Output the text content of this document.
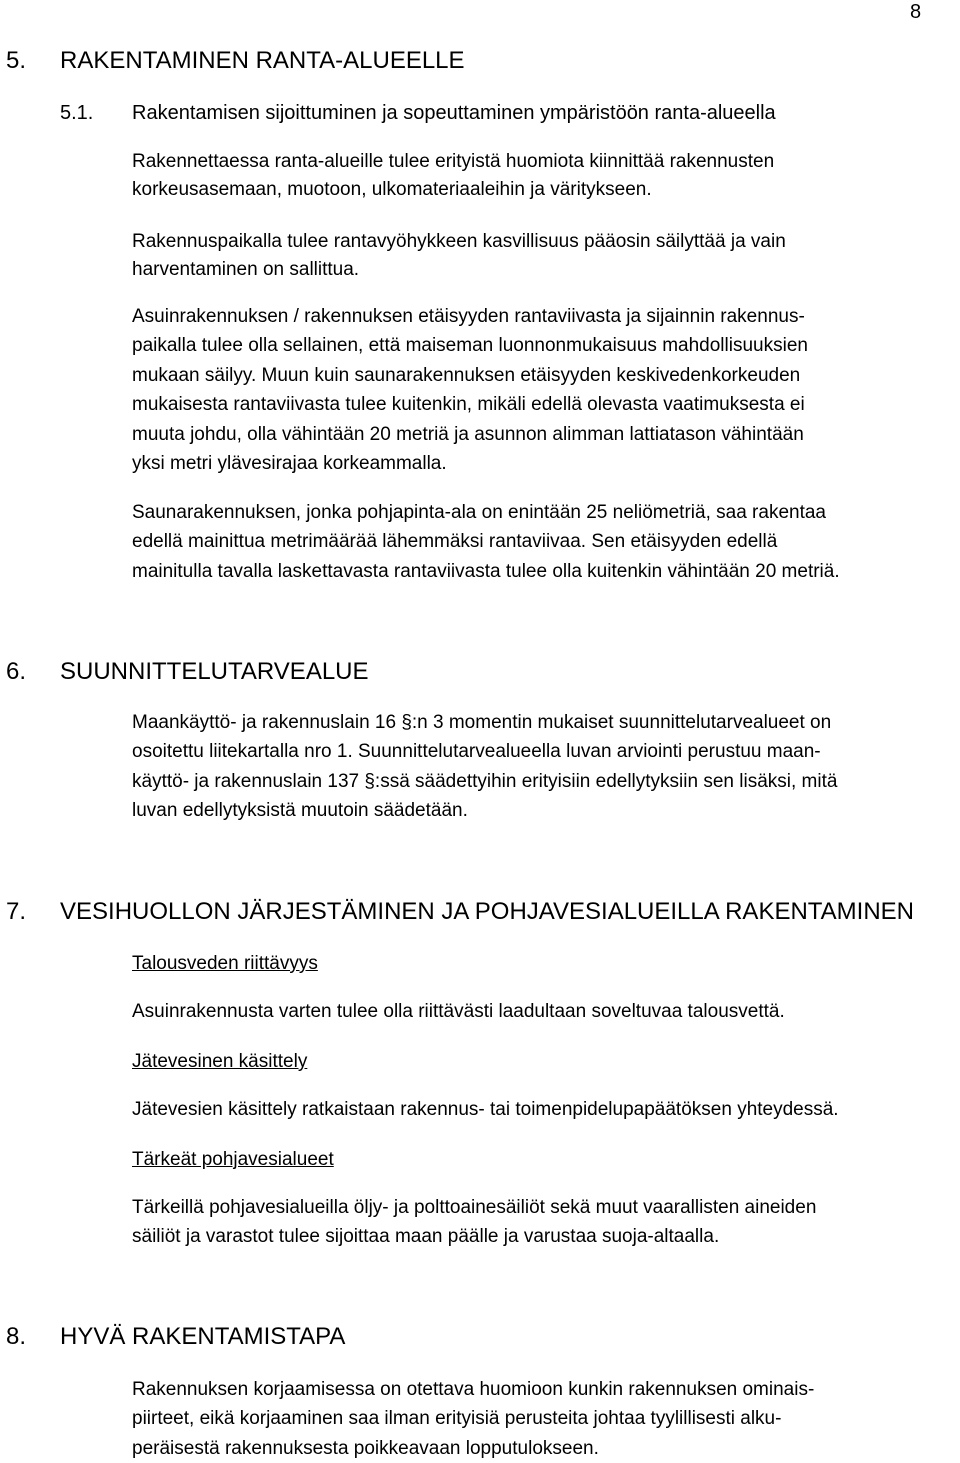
8
5. RAKENTAMINEN RANTA-ALUEELLE
5.1. Rakentamisen sijoittuminen ja sopeuttaminen ympäristöön ranta-alueella
Rakennettaessa ranta-alueille tulee erityistä huomiota kiinnittää rakennusten
korkeusasemaan, muotoon, ulkomateriaaleihin ja väritykseen.
Rakennuspaikalla tulee rantavyöhykkeen kasvillisuus pääosin säilyttää ja vain
harventaminen on sallittua.
Asuinrakennuksen / rakennuksen etäisyyden rantaviivasta ja sijainnin rakennus-
paikalla tulee olla sellainen, että maiseman luonnonmukaisuus mahdollisuuksien
mukaan säilyy. Muun kuin saunarakennuksen etäisyyden keskivedenkorkeuden
mukaisesta rantaviivasta tulee kuitenkin, mikäli edellä olevasta vaatimuksesta ei
muuta johdu, olla vähintään 20 metriä ja asunnon alimman lattiatason vähintään
yksi metri ylävesirajaa korkeammalla.
Saunarakennuksen, jonka pohjapinta-ala on enintään 25 neliömetriä, saa rakentaa
edellä mainittua metrimäärää lähemmäksi rantaviivaa. Sen etäisyyden edellä
mainitulla tavalla laskettavasta rantaviivasta tulee olla kuitenkin vähintään 20 metriä.
6. SUUNNITTELUTARVEALUE
Maankäyttö- ja rakennuslain 16 §:n 3 momentin mukaiset suunnittelutarvealueet on
osoitettu liitekartalla nro 1. Suunnittelutarvealueella luvan arviointi perustuu maan-
käyttö- ja rakennuslain 137 §:ssä säädettyihin erityisiin edellytyksiin sen lisäksi, mitä
luvan edellytyksistä muutoin säädetään.
7. VESIHUOLLON JÄRJESTÄMINEN JA POHJAVESIALUEILLA RAKENTAMINEN
Talousveden riittävyys
Asuinrakennusta varten tulee olla riittävästi laadultaan soveltuvaa talousvettä.
Jätevesinen käsittely
Jätevesien käsittely ratkaistaan rakennus- tai toimenpidelupapäätöksen yhteydessä.
Tärkeät pohjavesialueet
Tärkeillä pohjavesialueilla öljy- ja polttoainesäiliöt sekä muut vaarallisten aineiden
säiliöt ja varastot tulee sijoittaa maan päälle ja varustaa suoja-altaalla.
8. HYVÄ RAKENTAMISTAPA
Rakennuksen korjaamisessa on otettava huomioon kunkin rakennuksen ominais-
piirteet, eikä korjaaminen saa ilman erityisiä perusteita johtaa tyylillisesti alku-
peräisestä rakennuksesta poikkeavaan lopputulokseen.
